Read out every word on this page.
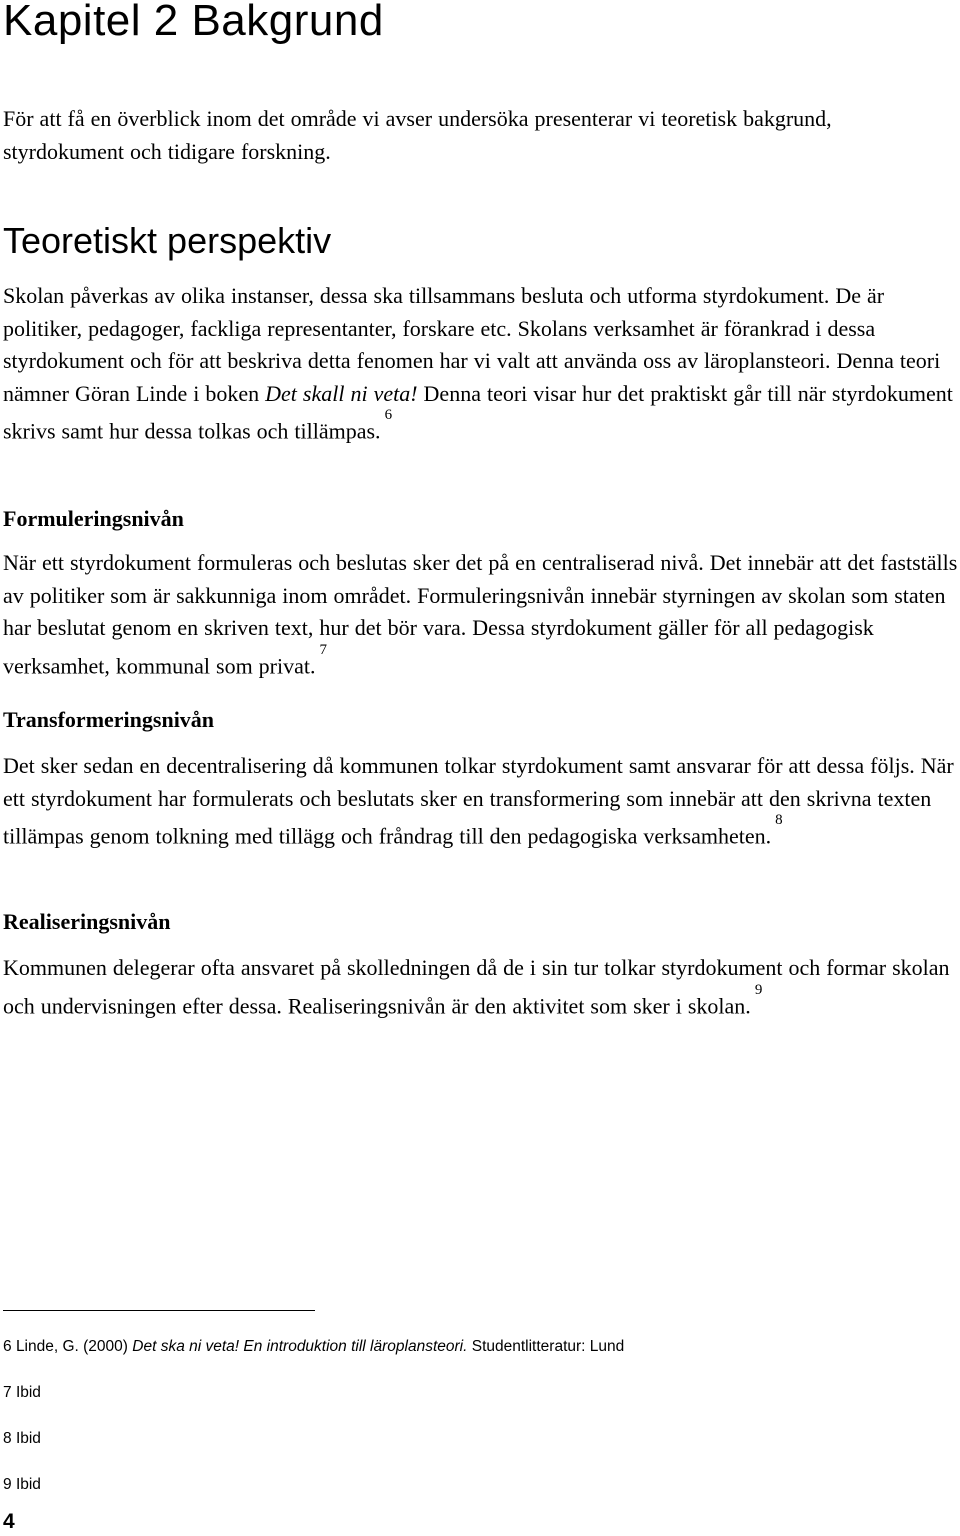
Kapitel 2 Bakgrund

För att få en överblick inom det område vi avser undersöka presenterar vi teoretisk bakgrund, styrdokument och tidigare forskning.

Teoretiskt perspektiv

Skolan påverkas av olika instanser, dessa ska tillsammans besluta och utforma styrdokument. De är politiker, pedagoger, fackliga representanter, forskare etc. Skolans verksamhet är förankrad i dessa styrdokument och för att beskriva detta fenomen har vi valt att använda oss av läroplansteori. Denna teori nämner Göran Linde i boken Det skall ni veta! Denna teori visar hur det praktiskt går till när styrdokument skrivs samt hur dessa tolkas och tillämpas.$^6$

Formuleringsnivån

När ett styrdokument formuleras och beslutas sker det på en centraliserad nivå. Det innebär att det fastställs av politiker som är sakkunniga inom området. Formuleringsnivån innebär styrningen av skolan som staten har beslutat genom en skriven text, hur det bör vara. Dessa styrdokument gäller för all pedagogisk verksamhet, kommunal som privat.$^7$

Transformeringsnivån

Det sker sedan en decentralisering då kommunen tolkar styrdokument samt ansvarar för att dessa följs. När ett styrdokument har formulerats och beslutats sker en transformering som innebär att den skrivna texten tillämpas genom tolkning med tillägg och fråndrag till den pedagogiska verksamheten.$^8$

Realiseringsnivån

Kommunen delegerar ofta ansvaret på skolledningen då de i sin tur tolkar styrdokument och formar skolan och undervisningen efter dessa. Realiseringsnivån är den aktivitet som sker i skolan.$^9$

6 Linde, G. (2000) Det ska ni veta! En introduktion till läroplansteori. Studentlitteratur: Lund

7 Ibid

8 Ibid

9 Ibid

4
